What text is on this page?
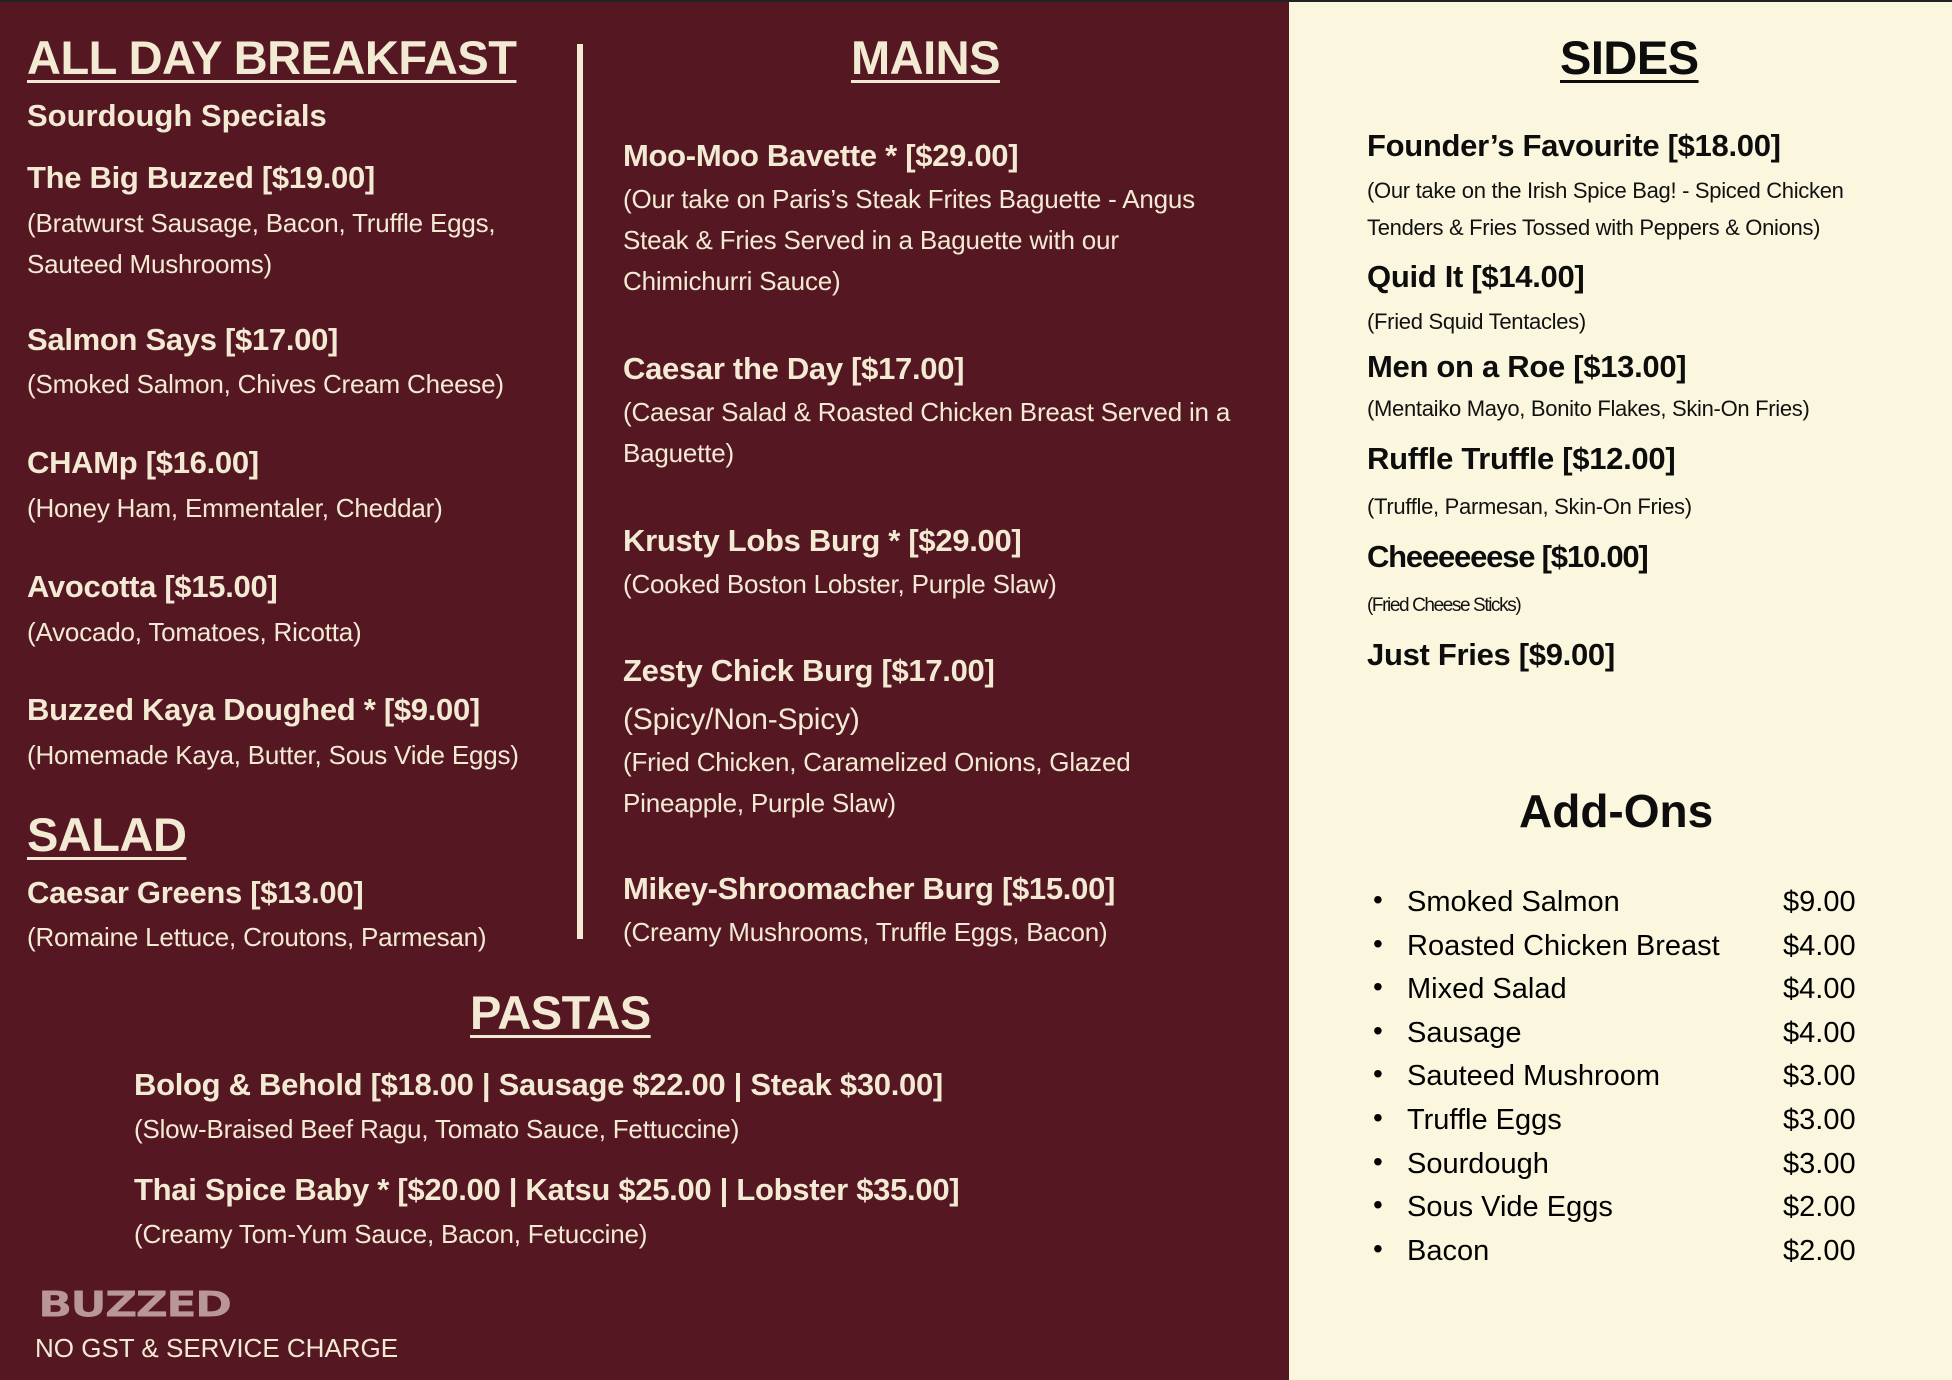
ALL DAY BREAKFAST
Sourdough Specials
The Big Buzzed [$19.00]
(Bratwurst Sausage, Bacon, Truffle Eggs, Sauteed Mushrooms)
Salmon Says [$17.00]
(Smoked Salmon, Chives Cream Cheese)
CHAMp [$16.00]
(Honey Ham, Emmentaler, Cheddar)
Avocotta [$15.00]
(Avocado, Tomatoes, Ricotta)
Buzzed Kaya Doughed * [$9.00]
(Homemade Kaya, Butter, Sous Vide Eggs)
SALAD
Caesar Greens [$13.00]
(Romaine Lettuce, Croutons, Parmesan)
MAINS
Moo-Moo Bavette * [$29.00]
(Our take on Paris’s Steak Frites Baguette - Angus Steak & Fries Served in a Baguette with our Chimichurri Sauce)
Caesar the Day [$17.00]
(Caesar Salad & Roasted Chicken Breast Served in a Baguette)
Krusty Lobs Burg * [$29.00]
(Cooked Boston Lobster, Purple Slaw)
Zesty Chick Burg [$17.00]
(Spicy/Non-Spicy)
(Fried Chicken, Caramelized Onions, Glazed Pineapple, Purple Slaw)
Mikey-Shroomacher Burg [$15.00]
(Creamy Mushrooms, Truffle Eggs, Bacon)
PASTAS
Bolog & Behold [$18.00 | Sausage $22.00 | Steak $30.00]
(Slow-Braised Beef Ragu, Tomato Sauce, Fettuccine)
Thai Spice Baby * [$20.00 | Katsu $25.00 | Lobster $35.00]
(Creamy Tom-Yum Sauce, Bacon, Fetuccine)
BUZZED
NO GST & SERVICE CHARGE
SIDES
Founder’s Favourite [$18.00]
(Our take on the Irish Spice Bag! - Spiced Chicken Tenders & Fries Tossed with Peppers & Onions)
Quid It [$14.00]
(Fried Squid Tentacles)
Men on a Roe [$13.00]
(Mentaiko Mayo, Bonito Flakes, Skin-On Fries)
Ruffle Truffle [$12.00]
(Truffle, Parmesan, Skin-On Fries)
Cheeeeeese [$10.00]
(Fried Cheese Sticks)
Just Fries [$9.00]
Add-Ons
• Smoked Salmon	$9.00
• Roasted Chicken Breast $4.00
• Mixed Salad	$4.00
• Sausage	$4.00
• Sauteed Mushroom	$3.00
• Truffle Eggs	$3.00
• Sourdough	$3.00
• Sous Vide Eggs	$2.00
• Bacon	$2.00
